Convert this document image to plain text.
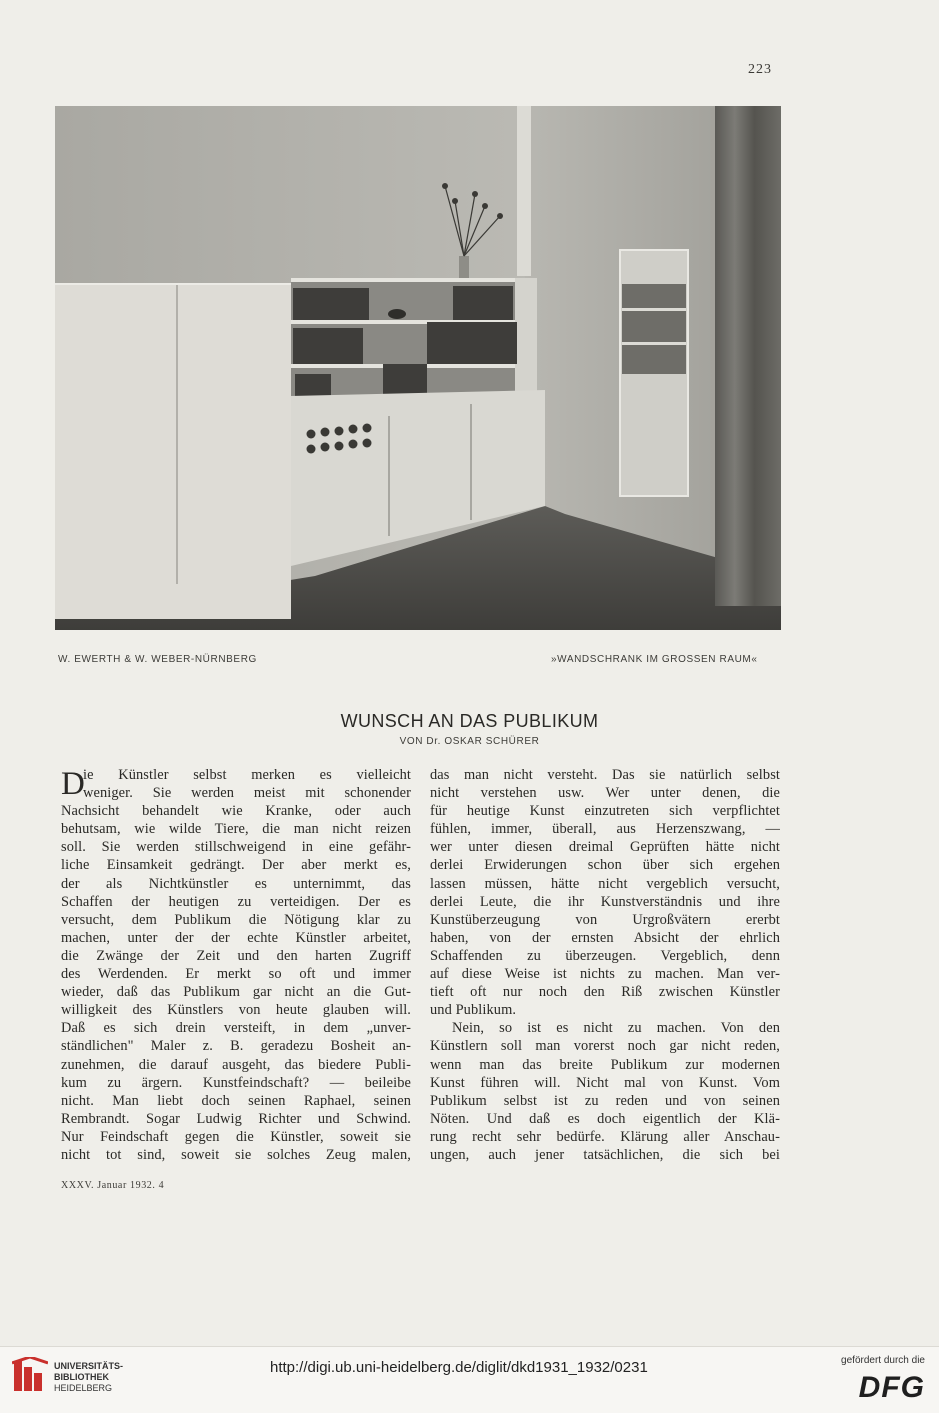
223
W. EWERTH & W. WEBER-NÜRNBERG	»WANDSCHRANK IM GROSSEN RAUM«
WUNSCH AN DAS PUBLIKUM
VON Dr. OSKAR SCHÜRER
D
ie Künstler selbst merken es vielleicht
weniger. Sie werden meist mit schonender
Nachsicht behandelt wie Kranke, oder auch
behutsam, wie wilde Tiere, die man nicht reizen
soll. Sie werden stillschweigend in eine gefähr-
liche Einsamkeit gedrängt. Der aber merkt es,
der als Nichtkünstler es unternimmt, das
Schaffen der heutigen zu verteidigen. Der es
versucht, dem Publikum die Nötigung klar zu
machen, unter der der echte Künstler arbeitet,
die Zwänge der Zeit und den harten Zugriff
des Werdenden. Er merkt so oft und immer
wieder, daß das Publikum gar nicht an die Gut-
willigkeit des Künstlers von heute glauben will.
Daß es sich drein versteift, in dem „unver-
ständlichen" Maler z. B. geradezu Bosheit an-
zunehmen, die darauf ausgeht, das biedere Publi-
kum zu ärgern. Kunstfeindschaft? — beileibe
nicht. Man liebt doch seinen Raphael, seinen
Rembrandt. Sogar Ludwig Richter und Schwind.
Nur Feindschaft gegen die Künstler, soweit sie
nicht tot sind, soweit sie solches Zeug malen,
das man nicht versteht. Das sie natürlich selbst
nicht verstehen usw. Wer unter denen, die
für heutige Kunst einzutreten sich verpflichtet
fühlen, immer, überall, aus Herzenszwang, —
wer unter diesen dreimal Geprüften hätte nicht
derlei Erwiderungen schon über sich ergehen
lassen müssen, hätte nicht vergeblich versucht,
derlei Leute, die ihr Kunstverständnis und ihre
Kunstüberzeugung von Urgroßvätern ererbt
haben, von der ernsten Absicht der ehrlich
Schaffenden zu überzeugen. Vergeblich, denn
auf diese Weise ist nichts zu machen. Man ver-
tieft oft nur noch den Riß zwischen Künstler
und Publikum.
Nein, so ist es nicht zu machen. Von den
Künstlern soll man vorerst noch gar nicht reden,
wenn man das breite Publikum zur modernen
Kunst führen will. Nicht mal von Kunst. Vom
Publikum selbst ist zu reden und von seinen
Nöten. Und daß es doch eigentlich der Klä-
rung recht sehr bedürfe. Klärung aller Anschau-
ungen, auch jener tatsächlichen, die sich bei
XXXV. Januar 1932. 4
UNIVERSITÄTS-
BIBLIOTHEK
HEIDELBERG
http://digi.ub.uni-heidelberg.de/diglit/dkd1931_1932/0231	gefördert durch die
DFG
